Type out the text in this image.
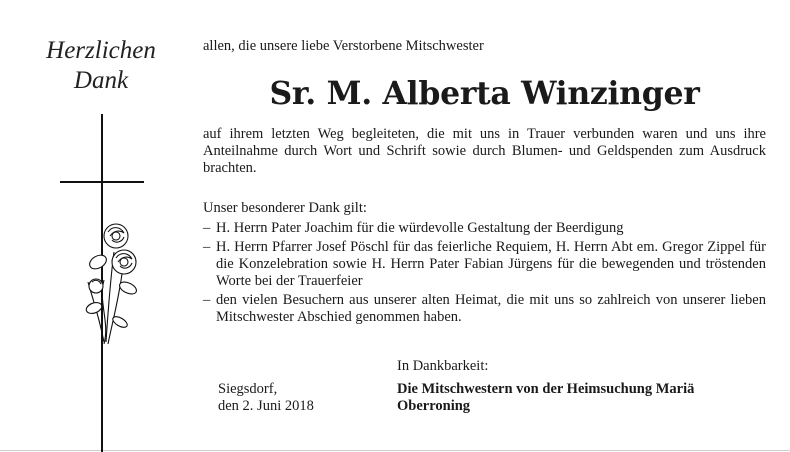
Herzlichen
Dank
allen, die unsere liebe Verstorbene Mitschwester
Sr. M. Alberta Winzinger
auf ihrem letzten Weg begleiteten, die mit uns in Trauer verbunden waren und uns ihre Anteilnahme durch Wort und Schrift sowie durch Blumen- und Geldspenden zum Ausdruck brachten.
Unser besonderer Dank gilt:
– H. Herrn Pater Joachim für die würdevolle Gestaltung der Beerdigung
– H. Herrn Pfarrer Josef Pöschl für das feierliche Requiem, H. Herrn Abt em. Gregor Zippel für die Konzelebration sowie H. Herrn Pater Fabian Jürgens für die bewegenden und tröstenden Worte bei der Trauerfeier
– den vielen Besuchern aus unserer alten Heimat, die mit uns so zahlreich von unserer lieben Mitschwester Abschied genommen haben.
In Dankbarkeit:
Siegsdorf,
den 2. Juni 2018
Die Mitschwestern von der Heimsuchung Mariä
Oberroning
